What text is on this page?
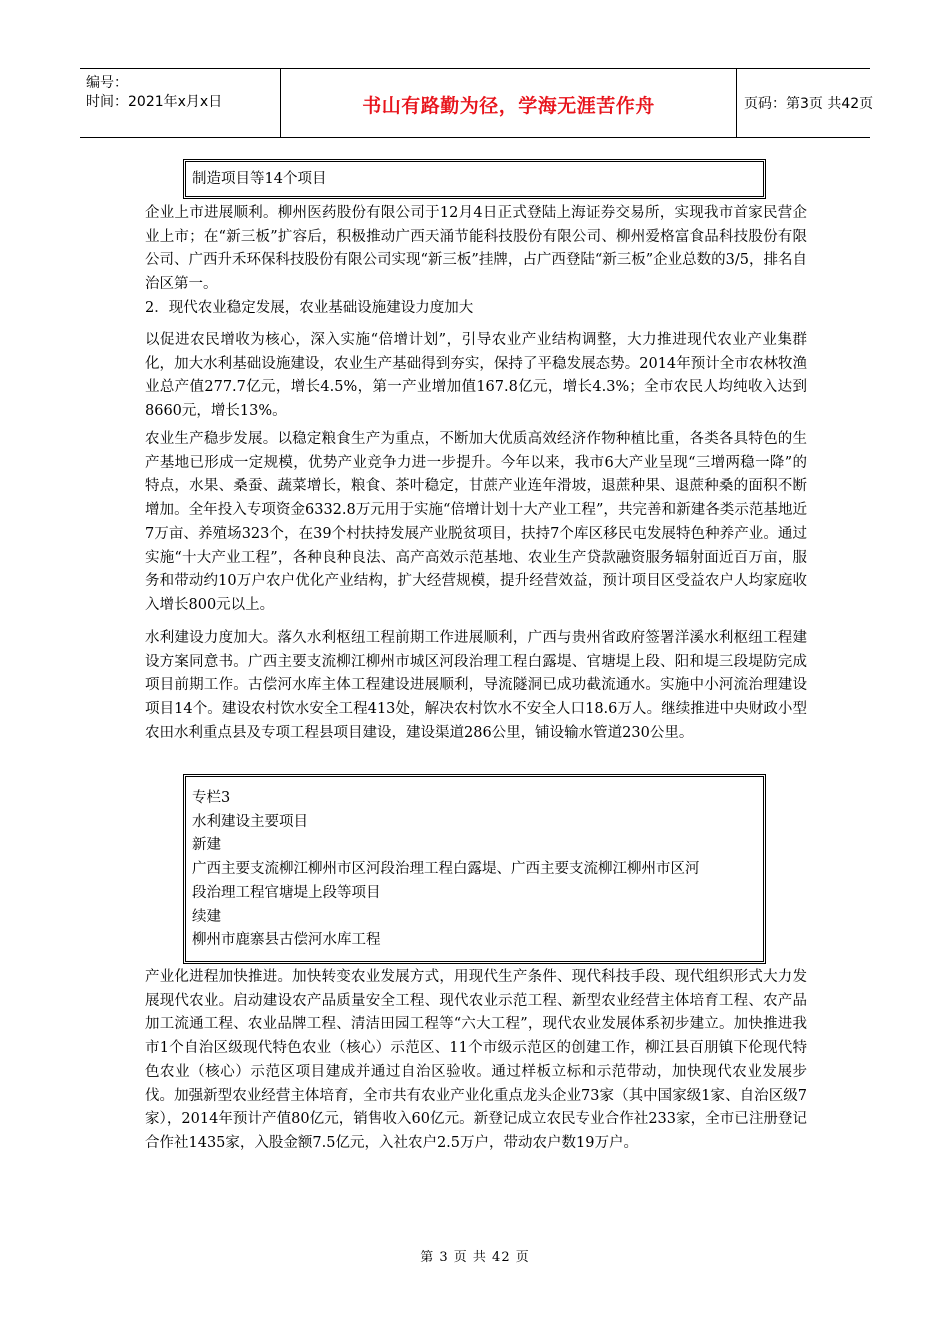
编号：
时间：2021年x月x日	书山有路勤为径，学海无涯苦作舟	页码：第3页 共42页
制造项目等14个项目

企业上市进展顺利。柳州医药股份有限公司于12月4日正式登陆上海证券交易所，实现我市首家民营企业上市；在“新三板”扩容后，积极推动广西天涌节能科技股份有限公司、柳州爱格富食品科技股份有限公司、广西升禾环保科技股份有限公司实现“新三板”挂牌，占广西登陆“新三板”企业总数的3/5，排名自治区第一。

2．现代农业稳定发展，农业基础设施建设力度加大

以促进农民增收为核心，深入实施“倍增计划”，引导农业产业结构调整，大力推进现代农业产业集群化，加大水利基础设施建设，农业生产基础得到夯实，保持了平稳发展态势。2014年预计全市农林牧渔业总产值277.7亿元，增长4.5%，第一产业增加值167.8亿元，增长4.3%；全市农民人均纯收入达到8660元，增长13%。

农业生产稳步发展。以稳定粮食生产为重点，不断加大优质高效经济作物种植比重，各类各具特色的生产基地已形成一定规模，优势产业竞争力进一步提升。今年以来，我市6大产业呈现“三增两稳一降”的特点，水果、桑蚕、蔬菜增长，粮食、茶叶稳定，甘蔗产业连年滑坡，退蔗种果、退蔗种桑的面积不断增加。全年投入专项资金6332.8万元用于实施“倍增计划十大产业工程”，共完善和新建各类示范基地近7万亩、养殖场323个，在39个村扶持发展产业脱贫项目，扶持7个库区移民屯发展特色种养产业。通过实施“十大产业工程”，各种良种良法、高产高效示范基地、农业生产贷款融资服务辐射面近百万亩，服务和带动约10万户农户优化产业结构，扩大经营规模，提升经营效益，预计项目区受益农户人均家庭收入增长800元以上。

水利建设力度加大。落久水利枢纽工程前期工作进展顺利，广西与贵州省政府签署洋溪水利枢纽工程建设方案同意书。广西主要支流柳江柳州市城区河段治理工程白露堤、官塘堤上段、阳和堤三段堤防完成项目前期工作。古偿河水库主体工程建设进展顺利，导流隧洞已成功截流通水。实施中小河流治理建设项目14个。建设农村饮水安全工程413处，解决农村饮水不安全人口18.6万人。继续推进中央财政小型农田水利重点县及专项工程县项目建设，建设渠道286公里，铺设输水管道230公里。

专栏3
水利建设主要项目
新建
广西主要支流柳江柳州市区河段治理工程白露堤、广西主要支流柳江柳州市区河
段治理工程官塘堤上段等项目
续建
柳州市鹿寨县古偿河水库工程

产业化进程加快推进。加快转变农业发展方式，用现代生产条件、现代科技手段、现代组织形式大力发展现代农业。启动建设农产品质量安全工程、现代农业示范工程、新型农业经营主体培育工程、农产品加工流通工程、农业品牌工程、清洁田园工程等“六大工程”，现代农业发展体系初步建立。加快推进我市1个自治区级现代特色农业（核心）示范区、11个市级示范区的创建工作，柳江县百朋镇下伦现代特色农业（核心）示范区项目建成并通过自治区验收。通过样板立标和示范带动，加快现代农业发展步伐。加强新型农业经营主体培育，全市共有农业产业化重点龙头企业73家（其中国家级1家、自治区级7家），2014年预计产值80亿元，销售收入60亿元。新登记成立农民专业合作社233家，全市已注册登记合作社1435家，入股金额7.5亿元，入社农户2.5万户，带动农户数19万户。

第 3 页 共 42 页
